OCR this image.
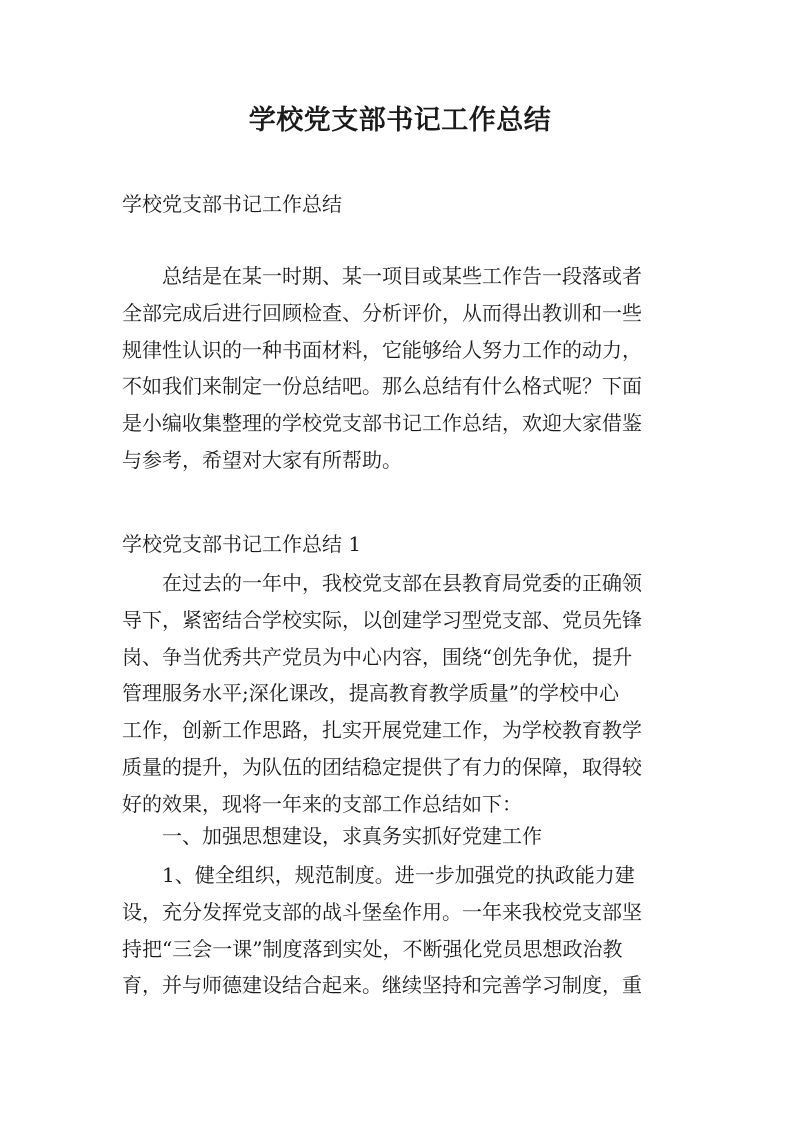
学校党支部书记工作总结
学校党支部书记工作总结
总结是在某一时期、某一项目或某些工作告一段落或者
全部完成后进行回顾检查、分析评价，从而得出教训和一些
规律性认识的一种书面材料，它能够给人努力工作的动力，
不如我们来制定一份总结吧。那么总结有什么格式呢？下面
是小编收集整理的学校党支部书记工作总结，欢迎大家借鉴
与参考，希望对大家有所帮助。
学校党支部书记工作总结 1
在过去的一年中，我校党支部在县教育局党委的正确领
导下，紧密结合学校实际，以创建学习型党支部、党员先锋
岗、争当优秀共产党员为中心内容，围绕“创先争优，提升
管理服务水平;深化课改，提高教育教学质量”的学校中心
工作，创新工作思路，扎实开展党建工作，为学校教育教学
质量的提升，为队伍的团结稳定提供了有力的保障，取得较
好的效果，现将一年来的支部工作总结如下：
一、加强思想建设，求真务实抓好党建工作
1、健全组织，规范制度。进一步加强党的执政能力建
设，充分发挥党支部的战斗堡垒作用。一年来我校党支部坚
持把“三会一课”制度落到实处，不断强化党员思想政治教
育，并与师德建设结合起来。继续坚持和完善学习制度，重
